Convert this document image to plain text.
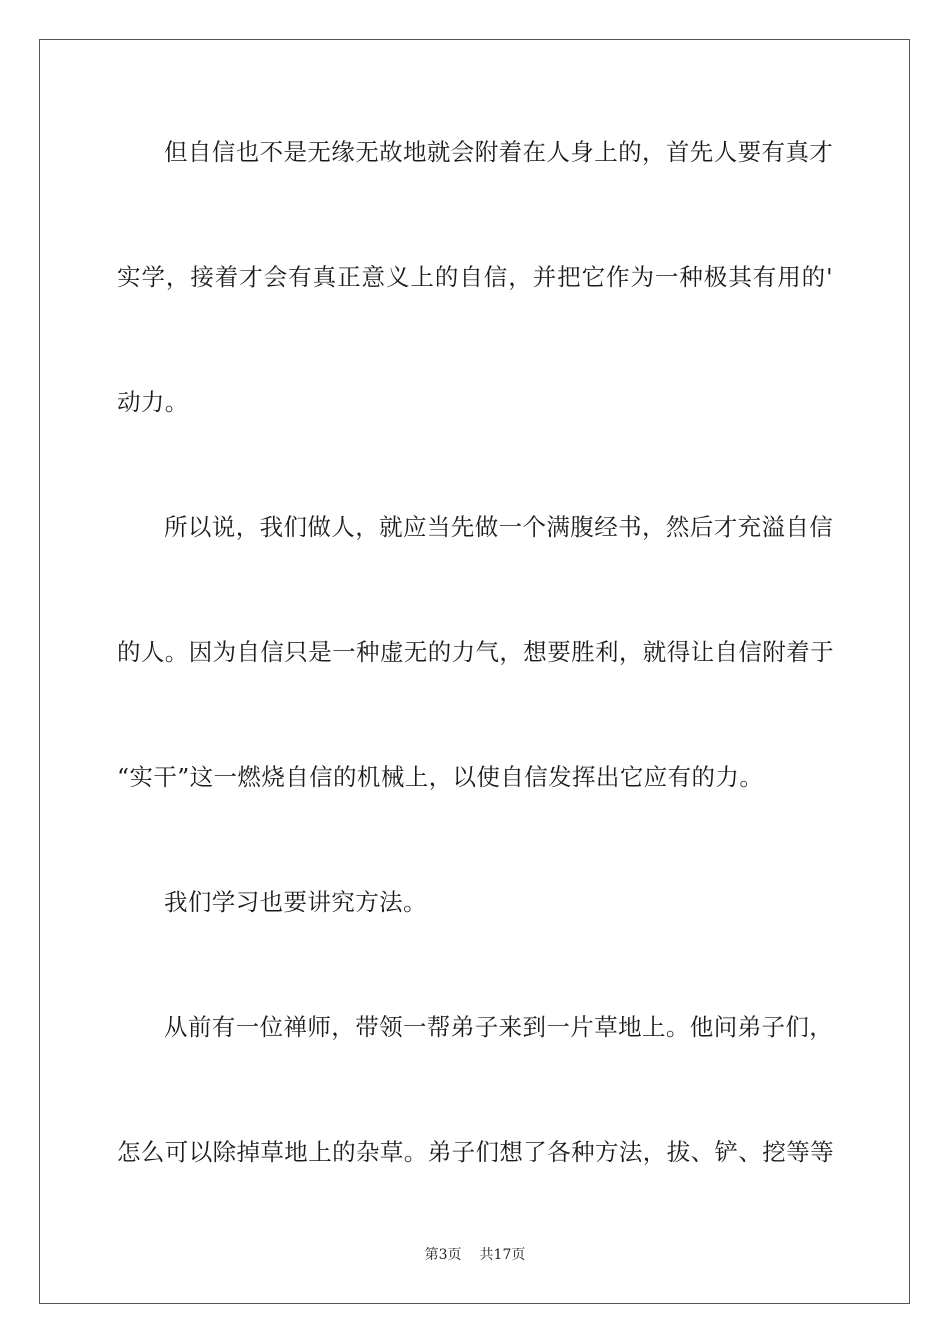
但自信也不是无缘无故地就会附着在人身上的，首先人要有真才
实学，接着才会有真正意义上的自信，并把它作为一种极其有用的'
动力。
所以说，我们做人，就应当先做一个满腹经书，然后才充溢自信
的人。因为自信只是一种虚无的力气，想要胜利，就得让自信附着于
“实干”这一燃烧自信的机械上，以使自信发挥出它应有的力。
我们学习也要讲究方法。
从前有一位禅师，带领一帮弟子来到一片草地上。他问弟子们，
怎么可以除掉草地上的杂草。弟子们想了各种方法，拔、铲、挖等等
第3页 共17页
